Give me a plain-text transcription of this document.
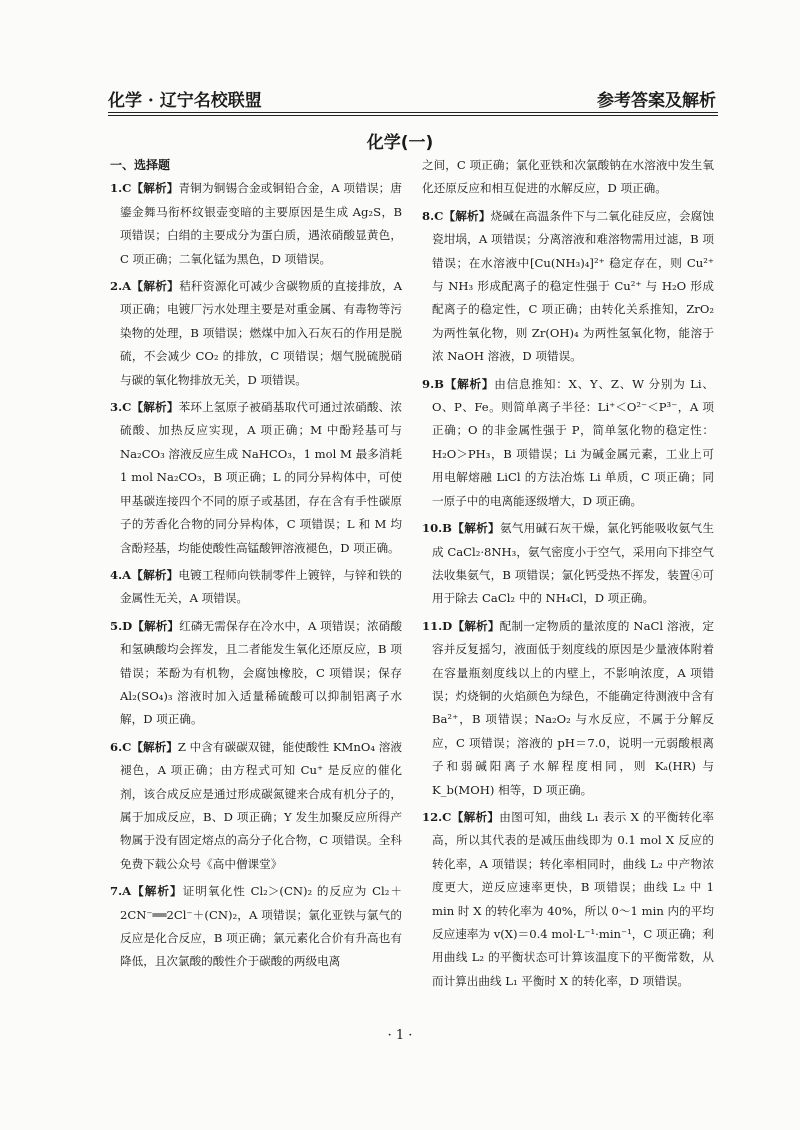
化学 · 辽宁名校联盟	参考答案及解析
化学(一)

一、选择题

1.C【解析】青铜为铜锡合金或铜铅合金，A 项错误；唐鎏金舞马衔杯纹银壶变暗的主要原因是生成 Ag₂S，B 项错误；白绢的主要成分为蛋白质，遇浓硝酸显黄色，C 项正确；二氧化锰为黑色，D 项错误。

2.A【解析】秸秆资源化可减少含碳物质的直接排放，A 项正确；电镀厂污水处理主要是对重金属、有毒物等污染物的处理，B 项错误；燃煤中加入石灰石的作用是脱硫，不会减少 CO₂ 的排放，C 项错误；烟气脱硫脱硝与碳的氧化物排放无关，D 项错误。

3.C【解析】苯环上氢原子被硝基取代可通过浓硝酸、浓硫酸、加热反应实现，A 项正确；M 中酚羟基可与 Na₂CO₃ 溶液反应生成 NaHCO₃，1 mol M 最多消耗 1 mol Na₂CO₃，B 项正确；L 的同分异构体中，可使甲基碳连接四个不同的原子或基团，存在含有手性碳原子的芳香化合物的同分异构体，C 项错误；L 和 M 均含酚羟基，均能使酸性高锰酸钾溶液褪色，D 项正确。

4.A【解析】电镀工程师向铁制零件上镀锌，与锌和铁的金属性无关，A 项错误。

5.D【解析】红磷无需保存在冷水中，A 项错误；浓硝酸和氢碘酸均会挥发，且二者能发生氧化还原反应，B 项错误；苯酚为有机物，会腐蚀橡胶，C 项错误；保存 Al₂(SO₄)₃ 溶液时加入适量稀硫酸可以抑制铝离子水解，D 项正确。

6.C【解析】Z 中含有碳碳双键，能使酸性 KMnO₄ 溶液褪色，A 项正确；由方程式可知 Cu⁺ 是反应的催化剂，该合成反应是通过形成碳氮键来合成有机分子的，属于加成反应，B、D 项正确；Y 发生加聚反应所得产物属于没有固定熔点的高分子化合物，C 项错误。全科免费下载公众号《高中僧课堂》

7.A【解析】证明氧化性 Cl₂＞(CN)₂ 的反应为 Cl₂＋2CN⁻══2Cl⁻＋(CN)₂，A 项错误；氯化亚铁与氯气的反应是化合反应，B 项正确；氯元素化合价有升高也有降低，且次氯酸的酸性介于碳酸的两级电离

之间，C 项正确；氯化亚铁和次氯酸钠在水溶液中发生氧化还原反应和相互促进的水解反应，D 项正确。

8.C【解析】烧碱在高温条件下与二氧化硅反应，会腐蚀瓷坩埚，A 项错误；分离溶液和难溶物需用过滤，B 项错误；在水溶液中[Cu(NH₃)₄]²⁺ 稳定存在，则 Cu²⁺ 与 NH₃ 形成配离子的稳定性强于 Cu²⁺ 与 H₂O 形成配离子的稳定性，C 项正确；由转化关系推知，ZrO₂ 为两性氧化物，则 Zr(OH)₄ 为两性氢氧化物，能溶于浓 NaOH 溶液，D 项错误。

9.B【解析】由信息推知：X、Y、Z、W 分别为 Li、O、P、Fe。则简单离子半径：Li⁺＜O²⁻＜P³⁻，A 项正确；O 的非金属性强于 P，简单氢化物的稳定性：H₂O＞PH₃，B 项错误；Li 为碱金属元素，工业上可用电解熔融 LiCl 的方法冶炼 Li 单质，C 项正确；同一原子中的电离能逐级增大，D 项正确。

10.B【解析】氨气用碱石灰干燥，氯化钙能吸收氨气生成 CaCl₂·8NH₃，氨气密度小于空气，采用向下排空气法收集氨气，B 项错误；氯化钙受热不挥发，装置④可用于除去 CaCl₂ 中的 NH₄Cl，D 项正确。

11.D【解析】配制一定物质的量浓度的 NaCl 溶液，定容并反复摇匀，液面低于刻度线的原因是少量液体附着在容量瓶刻度线以上的内壁上，不影响浓度，A 项错误；灼烧铜的火焰颜色为绿色，不能确定待测液中含有 Ba²⁺，B 项错误；Na₂O₂ 与水反应，不属于分解反应，C 项错误；溶液的 pH＝7.0，说明一元弱酸根离子和弱碱阳离子水解程度相同，则 Kₐ(HR) 与 K_b(MOH) 相等，D 项正确。

12.C【解析】由图可知，曲线 L₁ 表示 X 的平衡转化率高，所以其代表的是减压曲线即为 0.1 mol X 反应的转化率，A 项错误；转化率相同时，曲线 L₂ 中产物浓度更大，逆反应速率更快，B 项错误；曲线 L₂ 中 1 min 时 X 的转化率为 40%，所以 0～1 min 内的平均反应速率为 v(X)＝0.4 mol·L⁻¹·min⁻¹，C 项正确；利用曲线 L₂ 的平衡状态可计算该温度下的平衡常数，从而计算出曲线 L₁ 平衡时 X 的转化率，D 项错误。

· 1 ·
